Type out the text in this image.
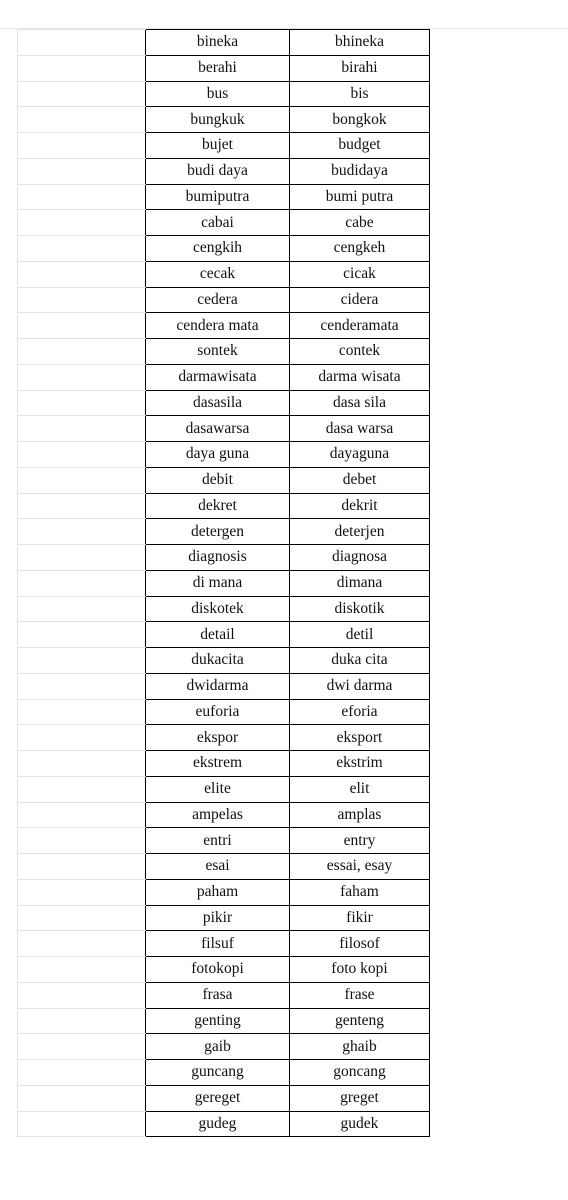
	bineka	bhineka
	berahi	birahi
	bus	bis
	bungkuk	bongkok
	bujet	budget
	budi daya	budidaya
	bumiputra	bumi putra
	cabai	cabe
	cengkih	cengkeh
	cecak	cicak
	cedera	cidera
	cendera mata	cenderamata
	sontek	contek
	darmawisata	darma wisata
	dasasila	dasa sila
	dasawarsa	dasa warsa
	daya guna	dayaguna
	debit	debet
	dekret	dekrit
	detergen	deterjen
	diagnosis	diagnosa
	di mana	dimana
	diskotek	diskotik
	detail	detil
	dukacita	duka cita
	dwidarma	dwi darma
	euforia	eforia
	ekspor	eksport
	ekstrem	ekstrim
	elite	elit
	ampelas	amplas
	entri	entry
	esai	essai, esay
	paham	faham
	pikir	fikir
	filsuf	filosof
	fotokopi	foto kopi
	frasa	frase
	genting	genteng
	gaib	ghaib
	guncang	goncang
	gereget	greget
	gudeg	gudek
